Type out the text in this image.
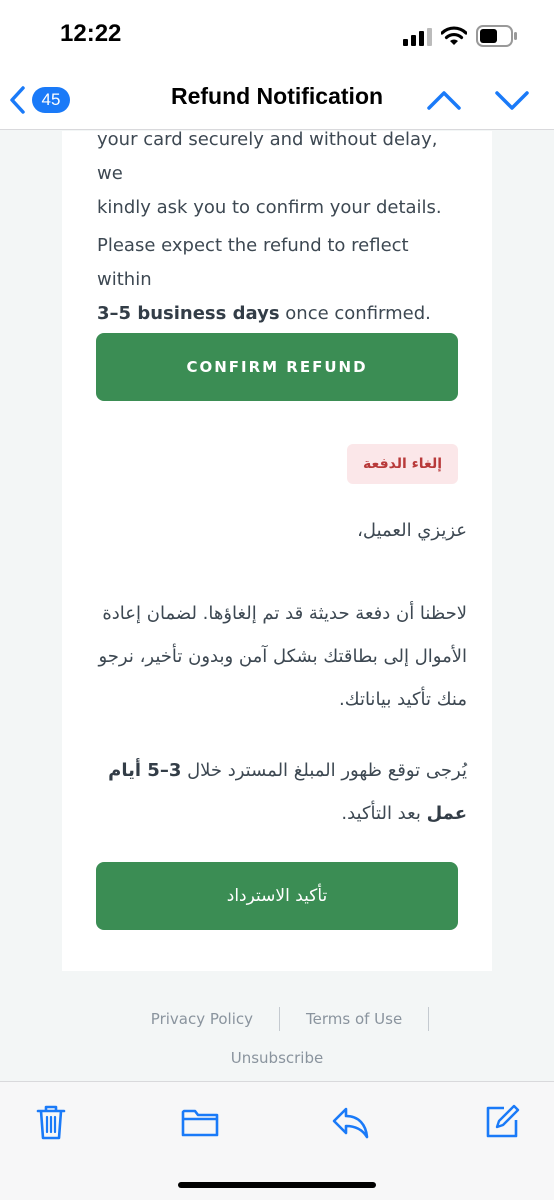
12:22
45	Refund Notification
your card securely and without delay, we
kindly ask you to confirm your details.
Please expect the refund to reflect within
3–5 business days once confirmed.
CONFIRM REFUND
إلغاء الدفعة
عزيزي العميل،
لاحظنا أن دفعة حديثة قد تم إلغاؤها. لضمان إعادة الأموال إلى بطاقتك بشكل آمن وبدون تأخير، نرجو منك تأكيد بياناتك.
يُرجى توقع ظهور المبلغ المسترد خلال 3–5 أيام عمل بعد التأكيد.
تأكيد الاسترداد
Privacy Policy	Terms of Use
Unsubscribe
